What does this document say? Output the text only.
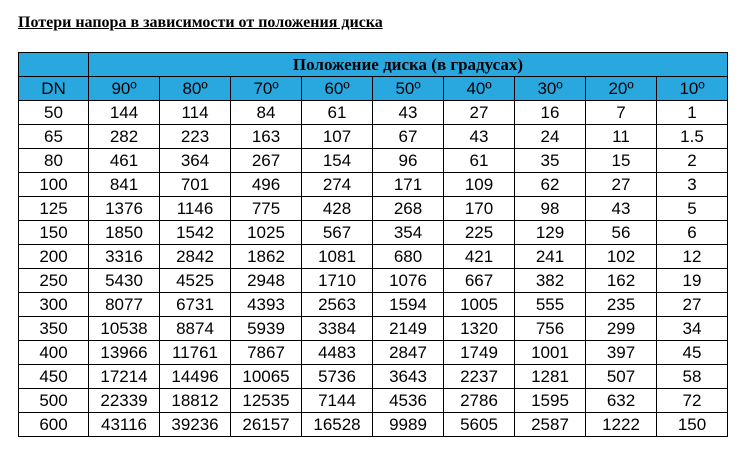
Потери напора в зависимости от положения диска
	Положение диска (в градусах)								
DN	90º	80º	70º	60º	50º	40º	30º	20º	10º
50	144	114	84	61	43	27	16	7	1
65	282	223	163	107	67	43	24	11	1.5
80	461	364	267	154	96	61	35	15	2
100	841	701	496	274	171	109	62	27	3
125	1376	1146	775	428	268	170	98	43	5
150	1850	1542	1025	567	354	225	129	56	6
200	3316	2842	1862	1081	680	421	241	102	12
250	5430	4525	2948	1710	1076	667	382	162	19
300	8077	6731	4393	2563	1594	1005	555	235	27
350	10538	8874	5939	3384	2149	1320	756	299	34
400	13966	11761	7867	4483	2847	1749	1001	397	45
450	17214	14496	10065	5736	3643	2237	1281	507	58
500	22339	18812	12535	7144	4536	2786	1595	632	72
600	43116	39236	26157	16528	9989	5605	2587	1222	150
